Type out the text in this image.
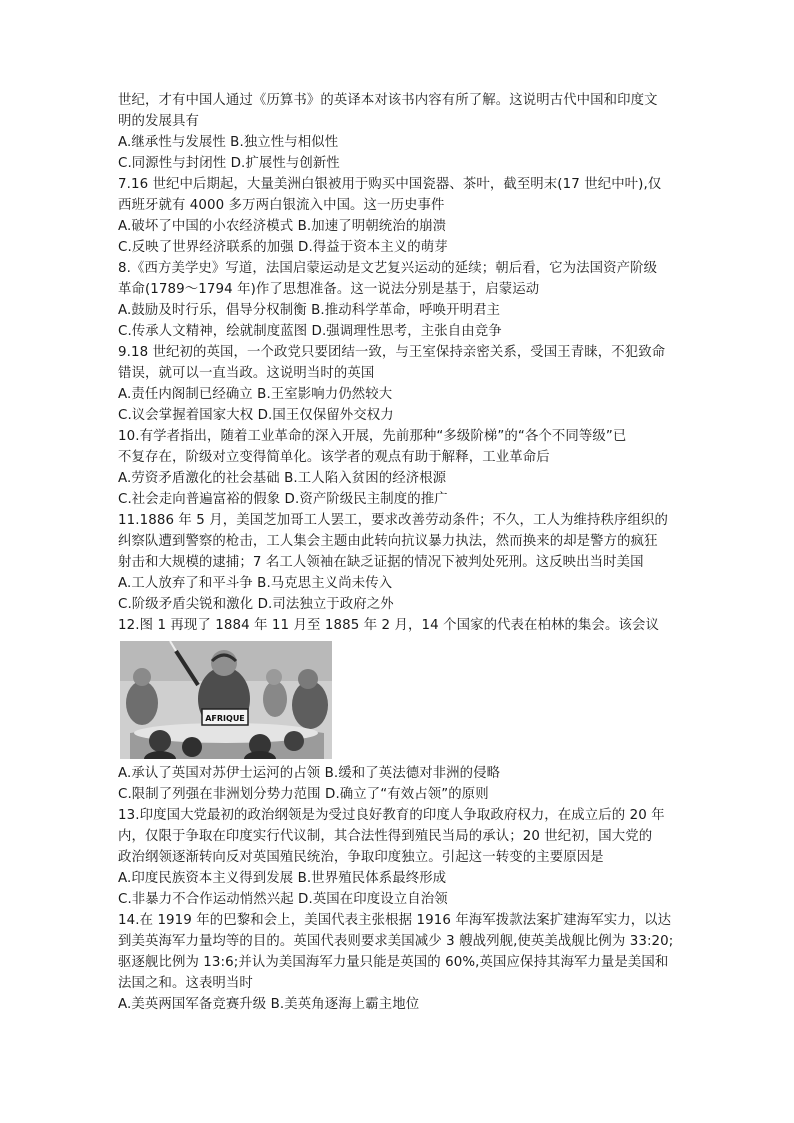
世纪，才有中国人通过《历算书》的英译本对该书内容有所了解。这说明古代中国和印度文
明的发展具有
A.继承性与发展性 B.独立性与相似性
C.同源性与封闭性 D.扩展性与创新性
7.16 世纪中后期起，大量美洲白银被用于购买中国瓷器、茶叶，截至明末(17 世纪中叶),仅
西班牙就有 4000 多万两白银流入中国。这一历史事件
A.破坏了中国的小农经济模式 B.加速了明朝统治的崩溃
C.反映了世界经济联系的加强 D.得益于资本主义的萌芽
8.《西方美学史》写道，法国启蒙运动是文艺复兴运动的延续；朝后看，它为法国资产阶级
革命(1789～1794 年)作了思想准备。这一说法分别是基于，启蒙运动
A.鼓励及时行乐，倡导分权制衡 B.推动科学革命，呼唤开明君主
C.传承人文精神，绘就制度蓝图 D.强调理性思考，主张自由竞争
9.18 世纪初的英国，一个政党只要团结一致，与王室保持亲密关系，受国王青睐，不犯致命
错误，就可以一直当政。这说明当时的英国
A.责任内阁制已经确立 B.王室影响力仍然较大
C.议会掌握着国家大权 D.国王仅保留外交权力
10.有学者指出，随着工业革命的深入开展，先前那种“多级阶梯”的“各个不同等级”已
不复存在，阶级对立变得简单化。该学者的观点有助于解释，工业革命后
A.劳资矛盾激化的社会基础 B.工人陷入贫困的经济根源
C.社会走向普遍富裕的假象 D.资产阶级民主制度的推广
11.1886 年 5 月，美国芝加哥工人罢工，要求改善劳动条件；不久，工人为维持秩序组织的
纠察队遭到警察的枪击，工人集会主题由此转向抗议暴力执法，然而换来的却是警方的疯狂
射击和大规模的逮捕；7 名工人领袖在缺乏证据的情况下被判处死刑。这反映出当时美国
A.工人放弃了和平斗争 B.马克思主义尚未传入
C.阶级矛盾尖锐和激化 D.司法独立于政府之外
12.图 1 再现了 1884 年 11 月至 1885 年 2 月，14 个国家的代表在柏林的集会。该会议
AFRIQUE
A.承认了英国对苏伊士运河的占领 B.缓和了英法德对非洲的侵略
C.限制了列强在非洲划分势力范围 D.确立了“有效占领”的原则
13.印度国大党最初的政治纲领是为受过良好教育的印度人争取政府权力，在成立后的 20 年
内，仅限于争取在印度实行代议制，其合法性得到殖民当局的承认；20 世纪初，国大党的
政治纲领逐渐转向反对英国殖民统治，争取印度独立。引起这一转变的主要原因是
A.印度民族资本主义得到发展 B.世界殖民体系最终形成
C.非暴力不合作运动悄然兴起 D.英国在印度设立自治领
14.在 1919 年的巴黎和会上，美国代表主张根据 1916 年海军拨款法案扩建海军实力，以达
到美英海军力量均等的目的。英国代表则要求美国减少 3 艘战列舰,使英美战舰比例为 33:20;
驱逐舰比例为 13:6;并认为美国海军力量只能是英国的 60%,英国应保持其海军力量是美国和
法国之和。这表明当时
A.美英两国军备竞赛升级 B.美英角逐海上霸主地位
